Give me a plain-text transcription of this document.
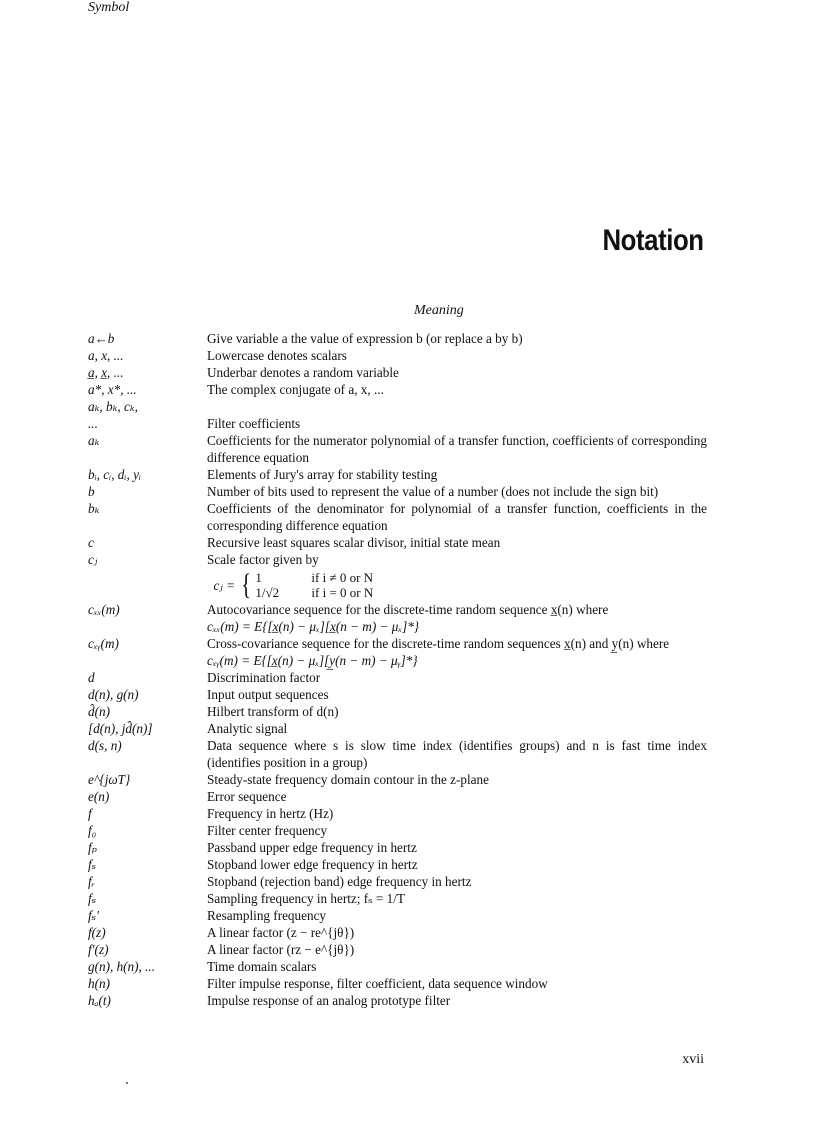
Notation
Symbol
Meaning
a←b	Give variable a the value of expression b (or replace a by b)
a, x, ...	Lowercase denotes scalars
a̲, x̲, ...	Underbar denotes a random variable
a*, x*, ...	The complex conjugate of a, x, ...
aₖ, bₖ, cₖ,
...	Filter coefficients
aₖ	Coefficients for the numerator polynomial of a transfer function, coefficients of corresponding difference equation
bᵢ, cᵢ, dᵢ, yᵢ	Elements of Jury's array for stability testing
b	Number of bits used to represent the value of a number (does not include the sign bit)
bₖ	Coefficients of the denominator for polynomial of a transfer function, coefficients in the corresponding difference equation
c	Recursive least squares scalar divisor, initial state mean
cⱼ	Scale factor given by
cⱼ = { 1	if i ≠ 0 or N
1/√2	if i = 0 or N
cₓₓ(m)	Autocovariance sequence for the discrete-time random sequence x̲(n) where
cₓₓ(m) = E{[x̲(n) − μₓ][x̲(n − m) − μₓ]*}
cₓᵧ(m)	Cross-covariance sequence for the discrete-time random sequences x̲(n) and y̲(n) where
cₓᵧ(m) = E{[x̲(n) − μₓ][y̲(n − m) − μᵧ]*}
d	Discrimination factor
d(n), g(n)	Input output sequences
d̂(n)	Hilbert transform of d(n)
[d(n), jd̂(n)]	Analytic signal
d(s, n)	Data sequence where s is slow time index (identifies groups) and n is fast time index (identifies position in a group)
e^{jωT}	Steady-state frequency domain contour in the z-plane
e(n)	Error sequence
f	Frequency in hertz (Hz)
f₀	Filter center frequency
fₚ	Passband upper edge frequency in hertz
fₛ	Stopband lower edge frequency in hertz
fᵣ	Stopband (rejection band) edge frequency in hertz
fₛ	Sampling frequency in hertz; fₛ = 1/T
fₛ′	Resampling frequency
f(z)	A linear factor (z − re^{jθ})
f′(z)	A linear factor (rz − e^{jθ})
g(n), h(n), ...	Time domain scalars
h(n)	Filter impulse response, filter coefficient, data sequence window
hₐ(t)	Impulse response of an analog prototype filter
xvii
